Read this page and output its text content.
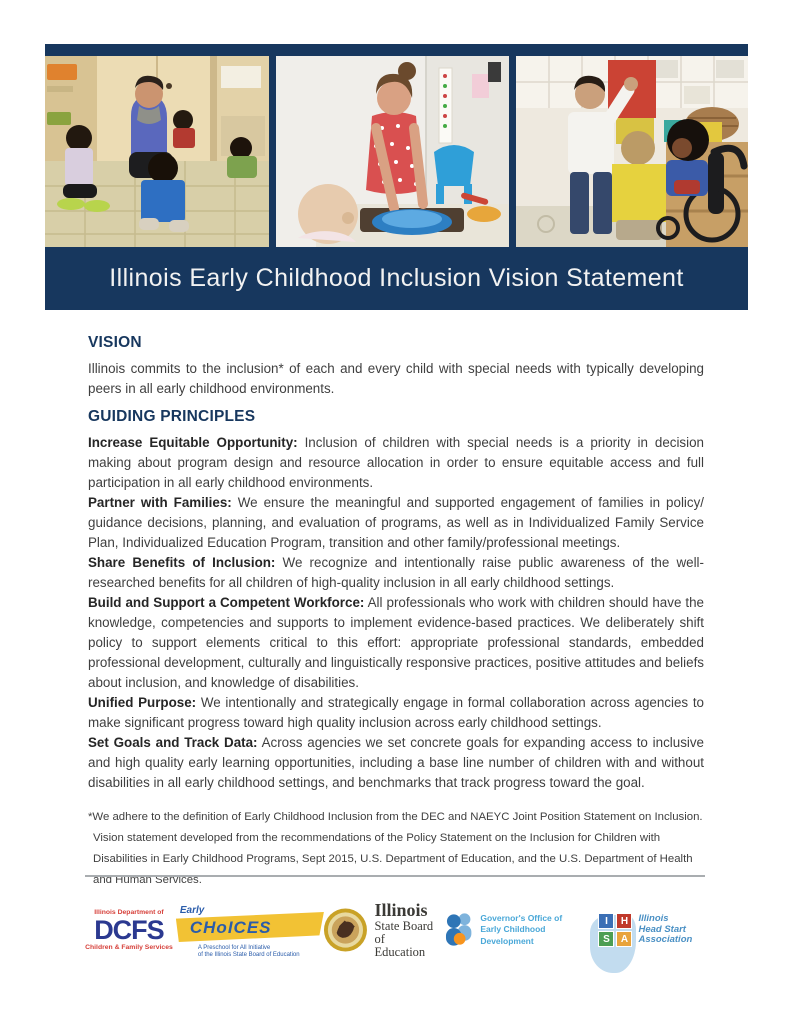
Illinois Early Childhood Inclusion Vision Statement
VISION

Illinois commits to the inclusion* of each and every child with special needs with typically developing peers in all early childhood environments.

GUIDING PRINCIPLES

Increase Equitable Opportunity: Inclusion of children with special needs is a priority in decision making about program design and resource allocation in order to ensure equitable access and full participation in all early childhood environments.

Partner with Families: We ensure the meaningful and supported engagement of families in policy/ guidance decisions, planning, and evaluation of programs, as well as in Individualized Family Service Plan, Individualized Education Program, transition and other family/professional meetings.

Share Benefits of Inclusion: We recognize and intentionally raise public awareness of the well-researched benefits for all children of high-quality inclusion in all early childhood settings.

Build and Support a Competent Workforce: All professionals who work with children should have the knowledge, competencies and supports to implement evidence-based practices. We deliberately shift policy to support elements critical to this effort: appropriate professional standards, embedded professional development, culturally and linguistically responsive practices, positive attitudes and beliefs about inclusion, and knowledge of disabilities.

Unified Purpose: We intentionally and strategically engage in formal collaboration across agencies to make significant progress toward high quality inclusion across early childhood settings.

Set Goals and Track Data: Across agencies we set concrete goals for expanding access to inclusive and high quality early learning opportunities, including a base line number of children with and without disabilities in all early childhood settings, and benchmarks that track progress toward the goal.

*We adhere to the definition of Early Childhood Inclusion from the DEC and NAEYC Joint Position Statement on Inclusion.

Vision statement developed from the recommendations of the Policy Statement on the Inclusion for Children with Disabilities in Early Childhood Programs, Sept 2015, U.S. Department of Education, and the U.S. Department of Health and Human Services.

Illinois Department of
DCFS
Children & Family Services
Early
CHoICES
A Preschool for All Initiative
of the Illinois State Board of Education
Illinois
State Board of
Education
Governor's Office of
Early Childhood Development
I	H
S	A
Illinois
Head Start
Association
